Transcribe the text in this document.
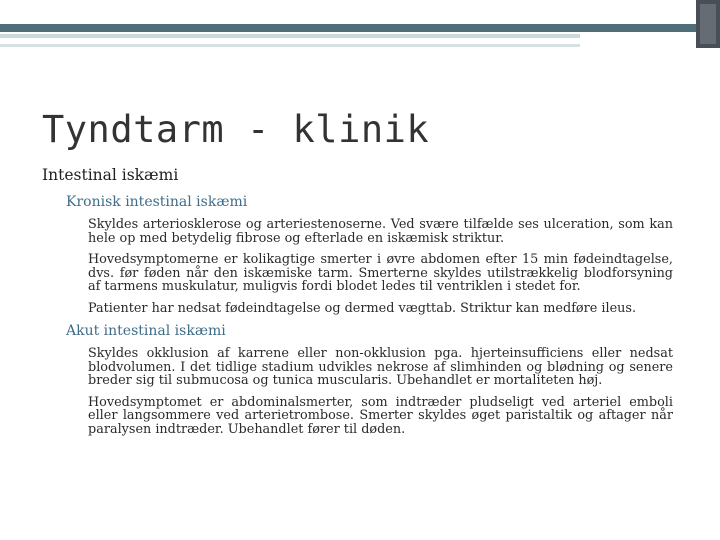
Tyndtarm - klinik

Intestinal iskæmi

Kronisk intestinal iskæmi

Skyldes arteriosklerose og arteriestenoserne. Ved svære tilfælde ses ulceration, som kan hele op med betydelig fibrose og efterlade en iskæmisk striktur.

Hovedsymptomerne er kolikagtige smerter i øvre abdomen efter 15 min fødeindtagelse, dvs. før føden når den iskæmiske tarm. Smerterne skyldes utilstrækkelig blodforsyning af tarmens muskulatur, muligvis fordi blodet ledes til ventriklen i stedet for.

Patienter har nedsat fødeindtagelse og dermed vægttab. Striktur kan medføre ileus.

Akut intestinal iskæmi

Skyldes okklusion af karrene eller non-okklusion pga. hjerteinsufficiens eller nedsat blodvolumen. I det tidlige stadium udvikles nekrose af slimhinden og blødning og senere breder sig til submucosa og tunica muscularis. Ubehandlet er mortaliteten høj.

Hovedsymptomet er abdominalsmerter, som indtræder pludseligt ved arteriel emboli eller langsommere ved arterietrombose. Smerter skyldes øget paristaltik og aftager når paralysen indtræder. Ubehandlet fører til døden.
